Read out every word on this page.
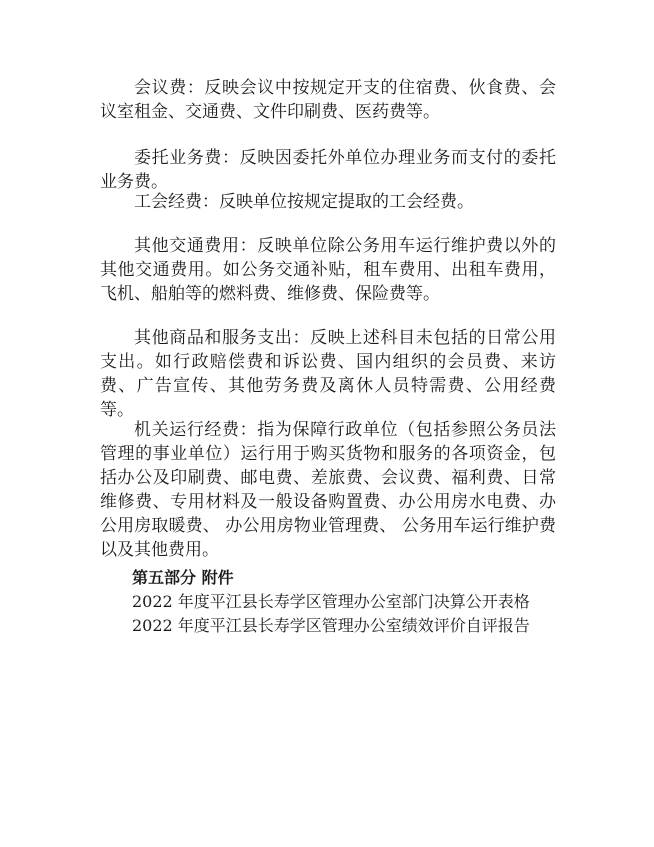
会议费：反映会议中按规定开支的住宿费、伙食费、会议室租金、交通费、文件印刷费、医药费等。

委托业务费：反映因委托外单位办理业务而支付的委托业务费。

工会经费：反映单位按规定提取的工会经费。

其他交通费用：反映单位除公务用车运行维护费以外的其他交通费用。如公务交通补贴，租车费用、出租车费用，飞机、船舶等的燃料费、维修费、保险费等。

其他商品和服务支出：反映上述科目未包括的日常公用支出。如行政赔偿费和诉讼费、国内组织的会员费、来访费、广告宣传、其他劳务费及离休人员特需费、公用经费等。

机关运行经费：指为保障行政单位（包括参照公务员法管理的事业单位）运行用于购买货物和服务的各项资金，包括办公及印刷费、邮电费、差旅费、会议费、福利费、日常维修费、专用材料及一般设备购置费、办公用房水电费、办公用房取暖费、 办公用房物业管理费、 公务用车运行维护费以及其他费用。

第五部分 附件

2022 年度平江县长寿学区管理办公室部门决算公开表格

2022 年度平江县长寿学区管理办公室绩效评价自评报告
